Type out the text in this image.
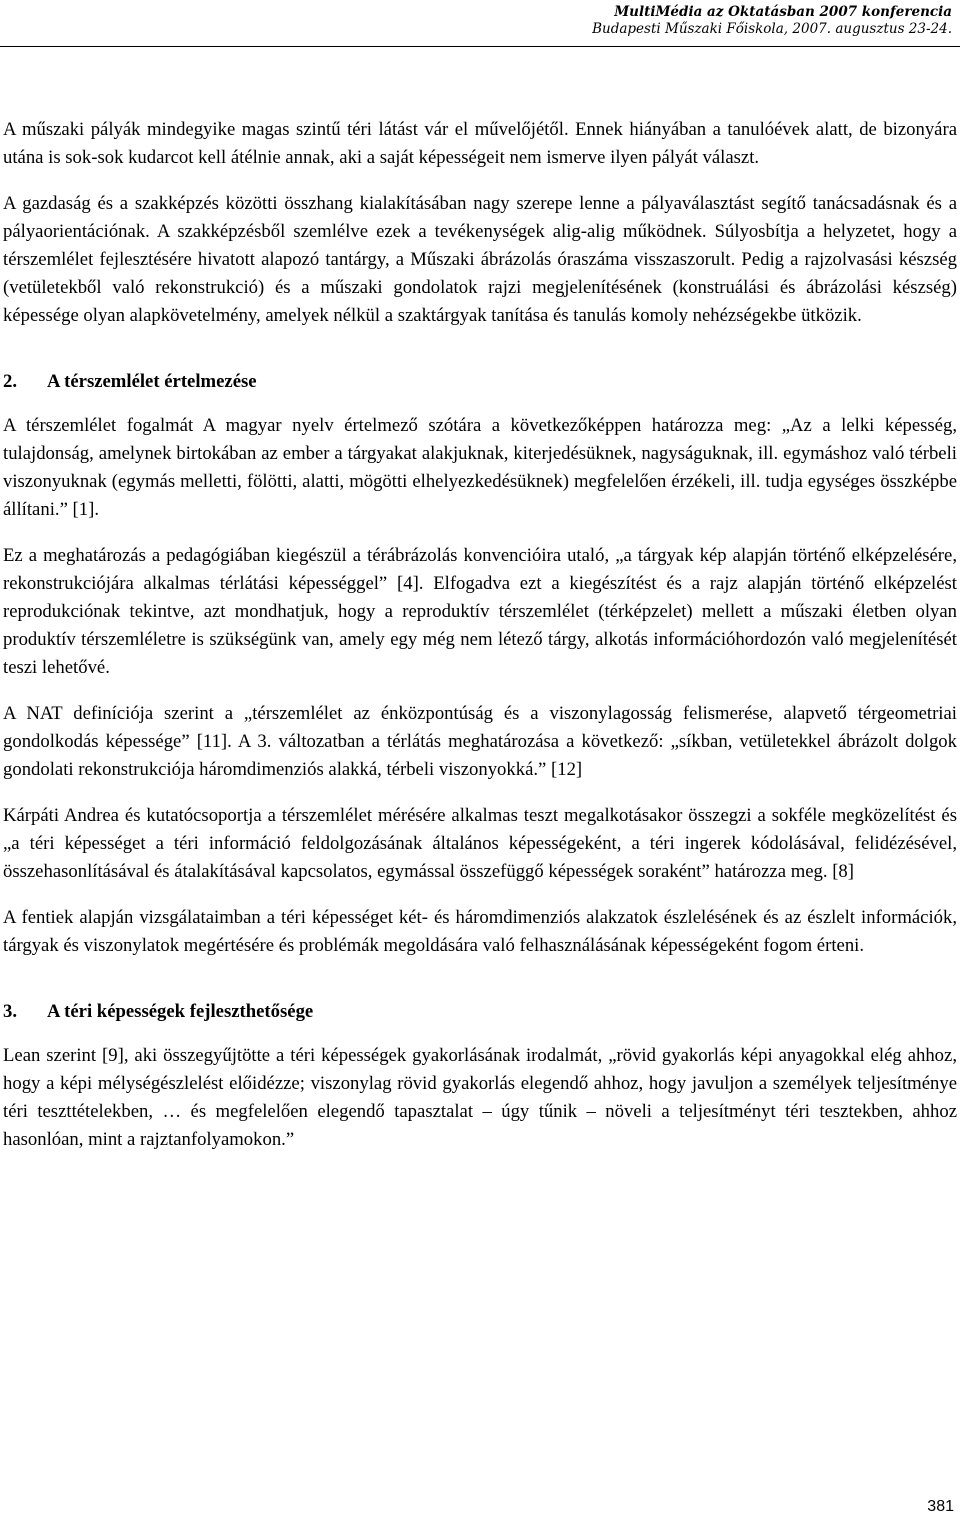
MultiMédia az Oktatásban 2007 konferencia
Budapesti Műszaki Főiskola, 2007. augusztus 23-24.

A műszaki pályák mindegyike magas szintű téri látást vár el művelőjétől. Ennek hiányában a tanulóévek alatt, de bizonyára utána is sok-sok kudarcot kell átélnie annak, aki a saját képességeit nem ismerve ilyen pályát választ.

A gazdaság és a szakképzés közötti összhang kialakításában nagy szerepe lenne a pályaválasztást segítő tanácsadásnak és a pályaorientációnak. A szakképzésből szemlélve ezek a tevékenységek alig-alig működnek. Súlyosbítja a helyzetet, hogy a térszemlélet fejlesztésére hivatott alapozó tantárgy, a Műszaki ábrázolás óraszáma visszaszorult. Pedig a rajzolvasási készség (vetületekből való rekonstrukció) és a műszaki gondolatok rajzi megjelenítésének (konstruálási és ábrázolási készség) képessége olyan alapkövetelmény, amelyek nélkül a szaktárgyak tanítása és tanulás komoly nehézségekbe ütközik.

2. A térszemlélet értelmezése

A térszemlélet fogalmát A magyar nyelv értelmező szótára a következőképpen határozza meg: „Az a lelki képesség, tulajdonság, amelynek birtokában az ember a tárgyakat alakjuknak, kiterjedésüknek, nagyságuknak, ill. egymáshoz való térbeli viszonyuknak (egymás melletti, fölötti, alatti, mögötti elhelyezkedésüknek) megfelelően érzékeli, ill. tudja egységes összképbe állítani.” [1].

Ez a meghatározás a pedagógiában kiegészül a térábrázolás konvencióira utaló, „a tárgyak kép alapján történő elképzelésére, rekonstrukciójára alkalmas térlátási képességgel” [4]. Elfogadva ezt a kiegészítést és a rajz alapján történő elképzelést reprodukciónak tekintve, azt mondhatjuk, hogy a reproduktív térszemlélet (térképzelet) mellett a műszaki életben olyan produktív térszemléletre is szükségünk van, amely egy még nem létező tárgy, alkotás információhordozón való megjelenítését teszi lehetővé.

A NAT definíciója szerint a „térszemlélet az énközpontúság és a viszonylagosság felismerése, alapvető térgeometriai gondolkodás képessége” [11]. A 3. változatban a térlátás meghatározása a következő: „síkban, vetületekkel ábrázolt dolgok gondolati rekonstrukciója háromdimenziós alakká, térbeli viszonyokká.” [12]

Kárpáti Andrea és kutatócsoportja a térszemlélet mérésére alkalmas teszt megalkotásakor összegzi a sokféle megközelítést és „a téri képességet a téri információ feldolgozásának általános képességeként, a téri ingerek kódolásával, felidézésével, összehasonlításával és átalakításával kapcsolatos, egymással összefüggő képességek soraként” határozza meg. [8]

A fentiek alapján vizsgálataimban a téri képességet két- és háromdimenziós alakzatok észlelésének és az észlelt információk, tárgyak és viszonylatok megértésére és problémák megoldására való felhasználásának képességeként fogom érteni.

3. A téri képességek fejleszthetősége

Lean szerint [9], aki összegyűjtötte a téri képességek gyakorlásának irodalmát, „rövid gyakorlás képi anyagokkal elég ahhoz, hogy a képi mélységészlelést előidézze; viszonylag rövid gyakorlás elegendő ahhoz, hogy javuljon a személyek teljesítménye téri teszttételekben, … és megfelelően elegendő tapasztalat – úgy tűnik – növeli a teljesítményt téri tesztekben, ahhoz hasonlóan, mint a rajztanfolyamokon.”

381
